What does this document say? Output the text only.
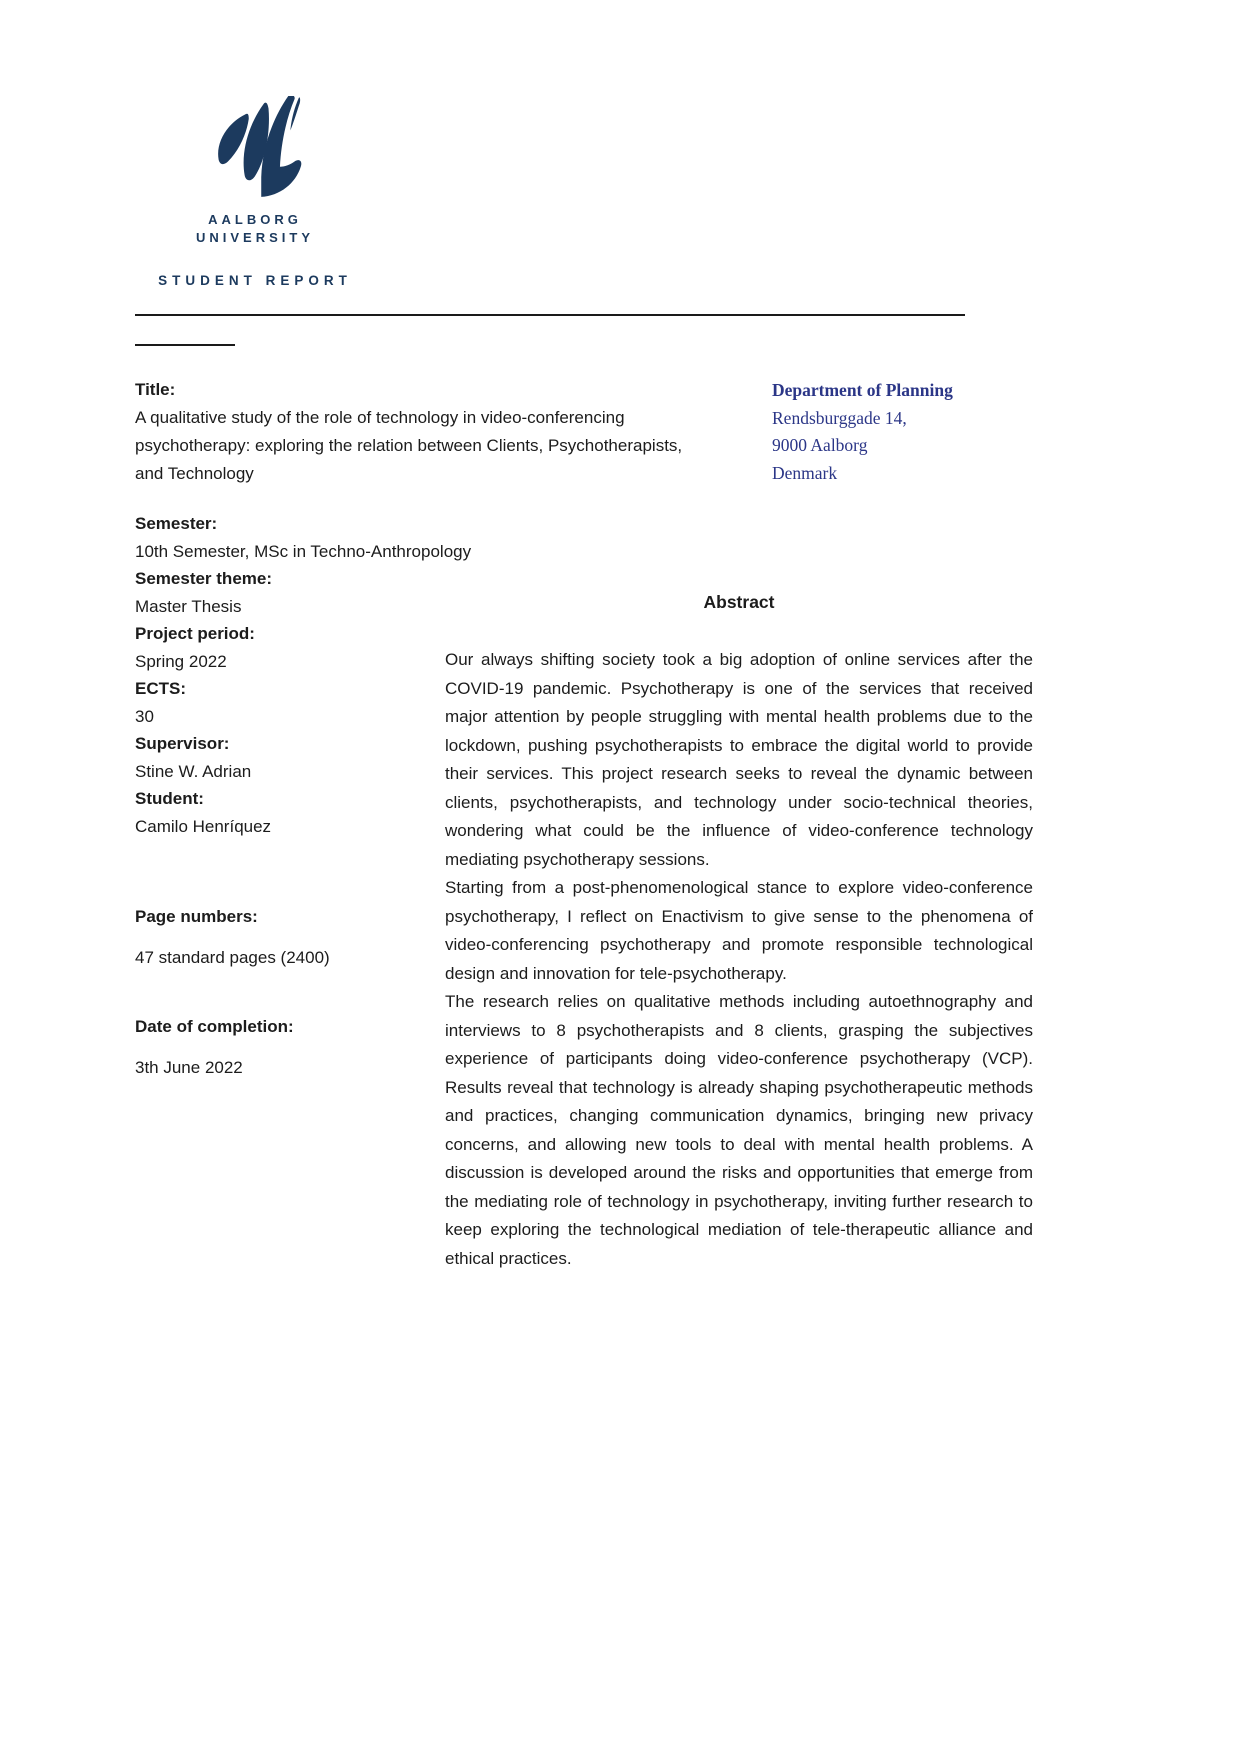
AALBORG
UNIVERSITY
STUDENT REPORT
Title:
A qualitative study of the role of technology in video-conferencing psychotherapy: exploring the relation between Clients, Psychotherapists, and Technology
Department of Planning
Rendsburggade 14,
9000 Aalborg
Denmark
Semester:
10th Semester, MSc in Techno-Anthropology
Semester theme:
Master Thesis
Project period:
Spring 2022
ECTS:
30
Supervisor:
Stine W. Adrian
Student:
Camilo Henríquez
Page numbers:
47 standard pages (2400)
Date of completion:
3th June 2022
Abstract

Our always shifting society took a big adoption of online services after the COVID-19 pandemic. Psychotherapy is one of the services that received major attention by people struggling with mental health problems due to the lockdown, pushing psychotherapists to embrace the digital world to provide their services. This project research seeks to reveal the dynamic between clients, psychotherapists, and technology under socio-technical theories, wondering what could be the influence of video-conference technology mediating psychotherapy sessions.

Starting from a post-phenomenological stance to explore video-conference psychotherapy, I reflect on Enactivism to give sense to the phenomena of video-conferencing psychotherapy and promote responsible technological design and innovation for tele-psychotherapy.

The research relies on qualitative methods including autoethnography and interviews to 8 psychotherapists and 8 clients, grasping the subjectives experience of participants doing video-conference psychotherapy (VCP). Results reveal that technology is already shaping psychotherapeutic methods and practices, changing communication dynamics, bringing new privacy concerns, and allowing new tools to deal with mental health problems. A discussion is developed around the risks and opportunities that emerge from the mediating role of technology in psychotherapy, inviting further research to keep exploring the technological mediation of tele-therapeutic alliance and ethical practices.
